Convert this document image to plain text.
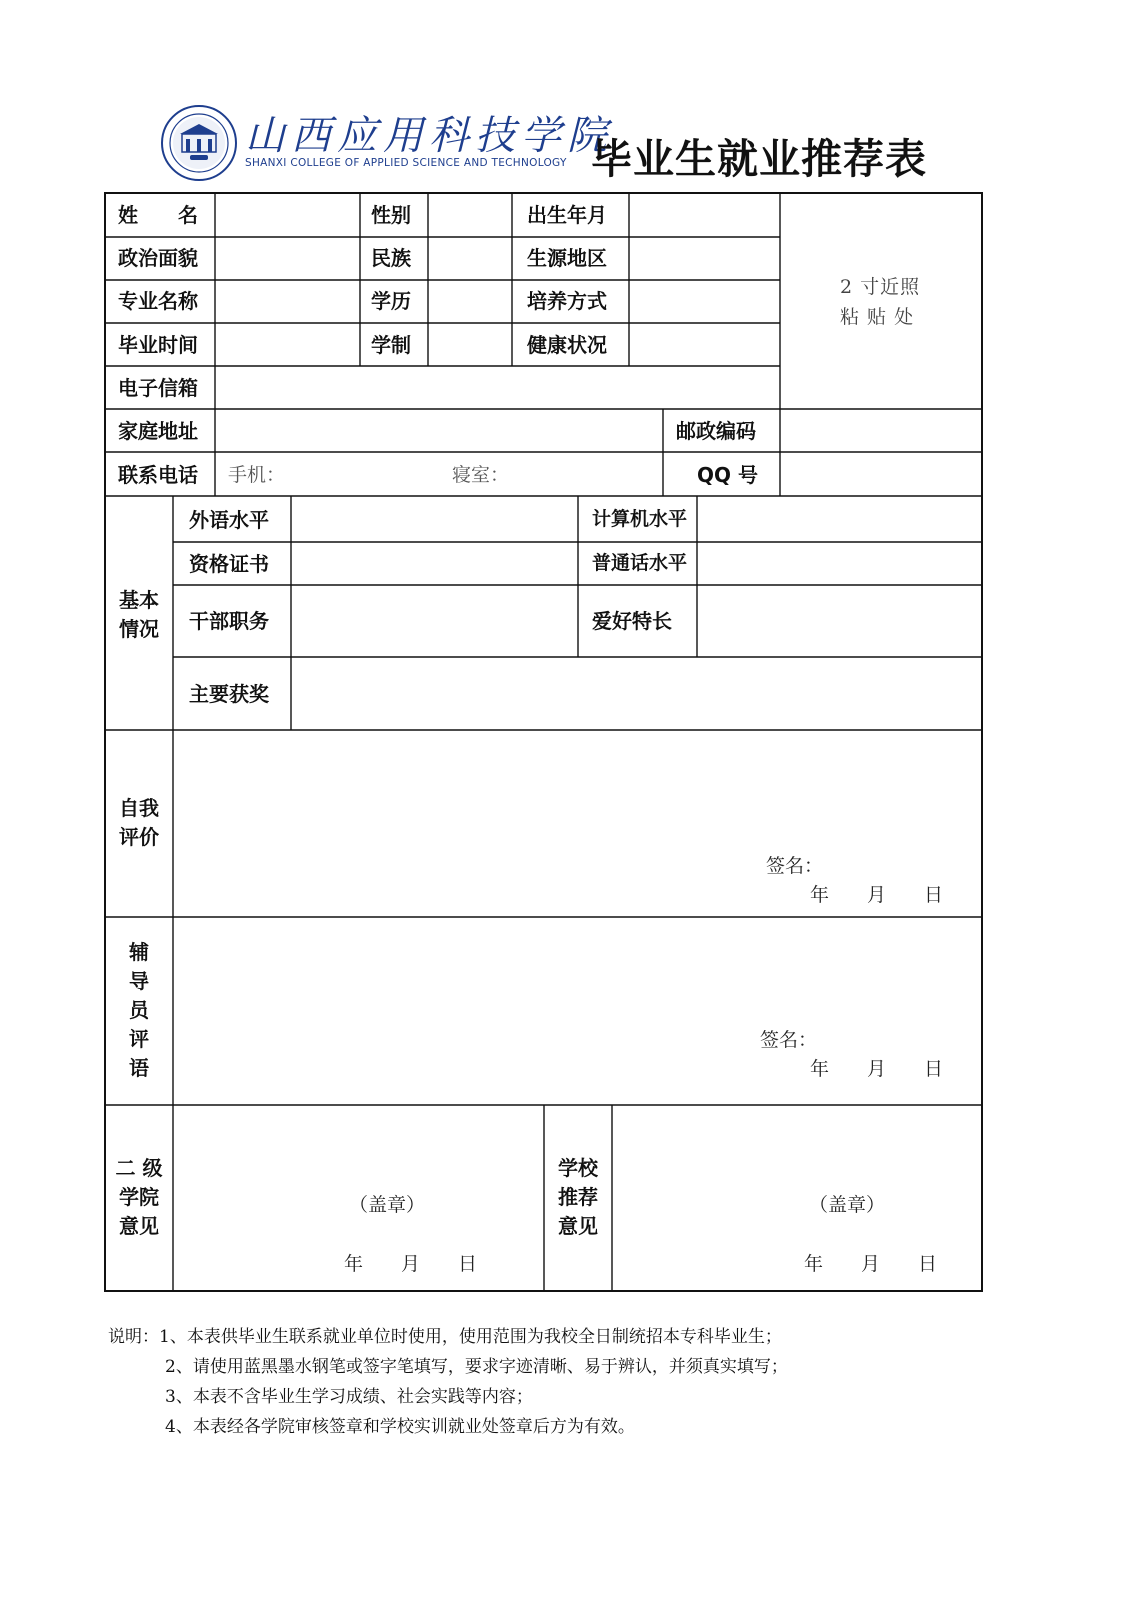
山西应用科技学院
SHANXI COLLEGE OF APPLIED SCIENCE AND TECHNOLOGY 毕业生就业推荐表
姓　　名	性别	出生年月
政治面貌	民族	生源地区
专业名称	学历	培养方式
毕业时间	学制	健康状况
电子信箱
家庭地址	邮政编码
联系电话 手机：	寝室：	QQ 号
2 寸近照
粘 贴 处
基本
情况
外语水平	计算机水平
资格证书	普通话水平
干部职务	爱好特长
主要获奖
自我
评价
签名：
年　　月　　日
辅
导
员
评
语
签名：
年　　月　　日
二 级
学院
意见
（盖章）
年　　月　　日
学校
推荐
意见
（盖章）
年　　月　　日
说明：1、本表供毕业生联系就业单位时使用，使用范围为我校全日制统招本专科毕业生；
2、请使用蓝黑墨水钢笔或签字笔填写，要求字迹清晰、易于辨认，并须真实填写；
3、本表不含毕业生学习成绩、社会实践等内容；
4、本表经各学院审核签章和学校实训就业处签章后方为有效。
